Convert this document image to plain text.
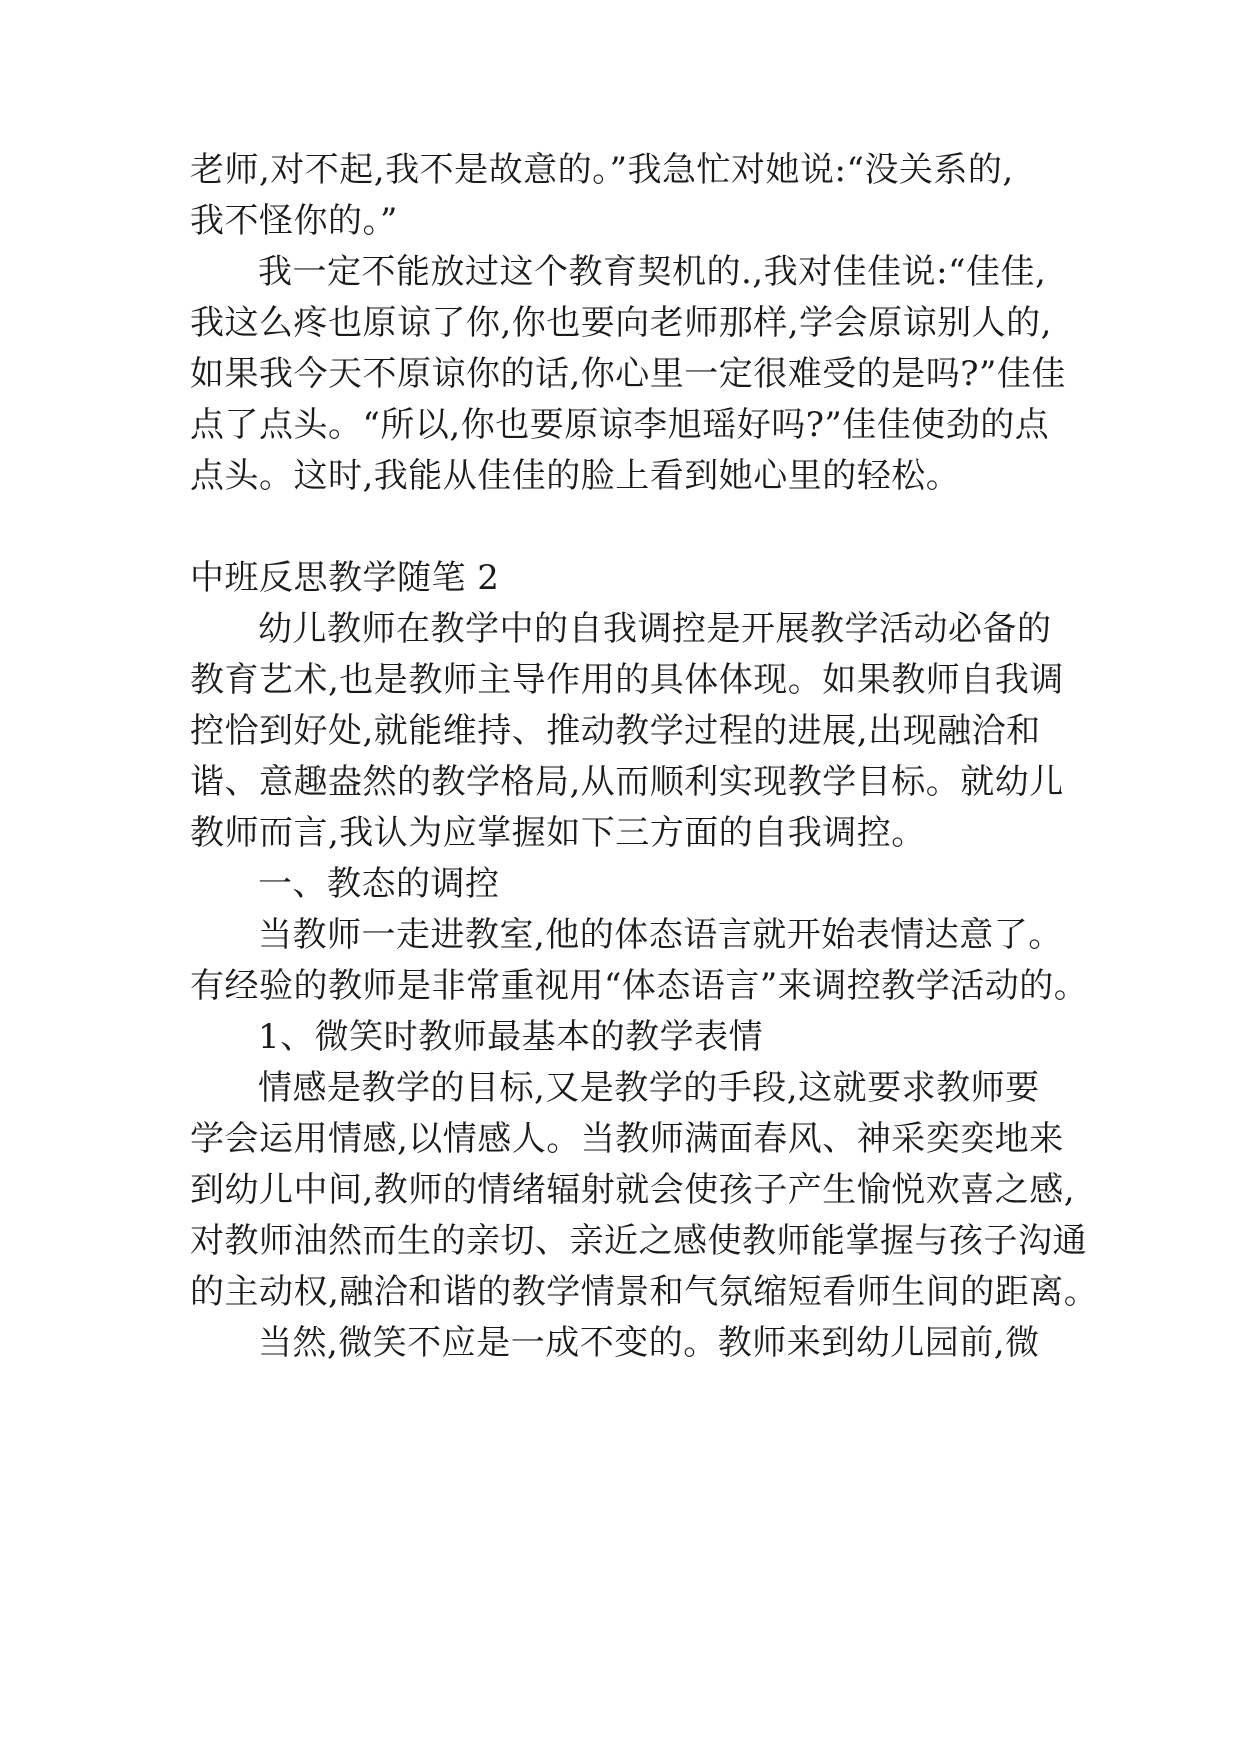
老师,对不起,我不是故意的。”我急忙对她说:“没关系的,
我不怪你的。”
我一定不能放过这个教育契机的.,我对佳佳说:“佳佳,
我这么疼也原谅了你,你也要向老师那样,学会原谅别人的,
如果我今天不原谅你的话,你心里一定很难受的是吗?”佳佳
点了点头。“所以,你也要原谅李旭瑶好吗?”佳佳使劲的点
点头。这时,我能从佳佳的脸上看到她心里的轻松。
中班反思教学随笔 2
幼儿教师在教学中的自我调控是开展教学活动必备的
教育艺术,也是教师主导作用的具体体现。如果教师自我调
控恰到好处,就能维持、推动教学过程的进展,出现融洽和
谐、意趣盎然的教学格局,从而顺利实现教学目标。就幼儿
教师而言,我认为应掌握如下三方面的自我调控。
一、教态的调控
当教师一走进教室,他的体态语言就开始表情达意了。
有经验的教师是非常重视用“体态语言”来调控教学活动的。
1、微笑时教师最基本的教学表情
情感是教学的目标,又是教学的手段,这就要求教师要
学会运用情感,以情感人。当教师满面春风、神采奕奕地来
到幼儿中间,教师的情绪辐射就会使孩子产生愉悦欢喜之感,
对教师油然而生的亲切、亲近之感使教师能掌握与孩子沟通
的主动权,融洽和谐的教学情景和气氛缩短看师生间的距离。
当然,微笑不应是一成不变的。教师来到幼儿园前,微
